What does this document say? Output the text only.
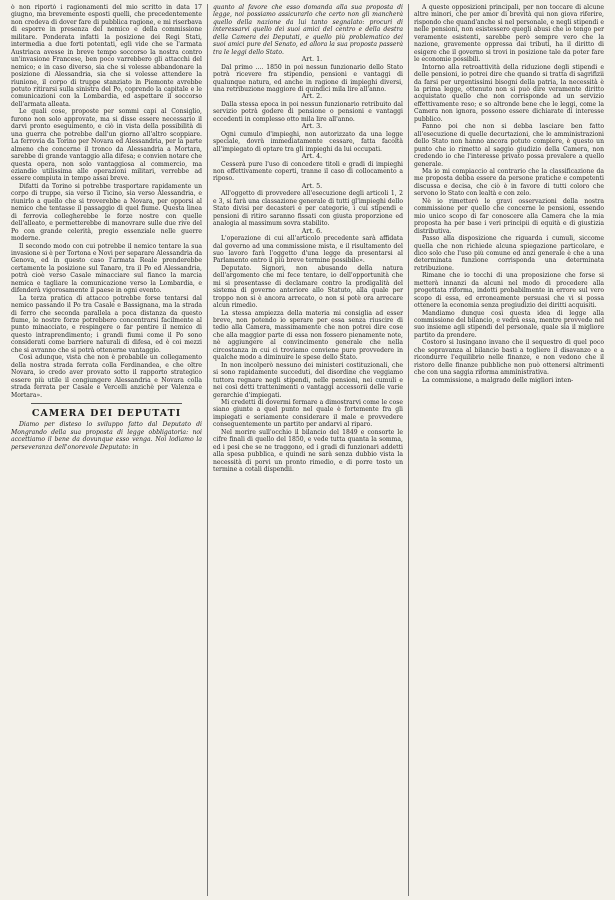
ò non riportò i ragionamenti del mio scritto in data 17 giugno, ma brevemente esposti quelli, che precedentemente non credeva di dover fare di pubblica ragione, e mi riserbava di esporre in presenza del nemico e della commissione militare. Ponderata infatti la posizione dei Regi Stati, intermedia a due forti potentati, egli vide che se l'armata Austriaca avesse in breve tempo soccorso la nostra contro un'invasione Francese, ben poco varrebbero gli attacchi del nemico; e in caso diverso, sia che si volesse abbandonare la posizione di Alessandria, sia che si volesse attendere la riunione, il corpo di truppe stanziato in Piemonte avrebbe potuto ritirarsi sulla sinistra del Po, coprendo la capitale e le comunicazioni con la Lombardia, ed aspettare il soccorso dell'armata alleata.

Le quali cose, proposte per sommi capi al Consiglio, furono non solo approvate, ma si disse essere necessario il darvi pronto eseguimento, e ciò in vista della possibilità di una guerra che potrebbe dall'un giorno all'altro scoppiare. La ferrovia da Torino per Novara ed Alessandria, per la parte almeno che concerne il tronco da Alessandria a Mortara, sarebbe di grande vantaggio alla difesa; e convien notare che questa opera, non solo vantaggiosa al commercio, ma eziandio utilissima alle operazioni militari, verrebbe ad essere compiuta in tempo assai breve.

Difatti da Torino si potrebbe trasportare rapidamente un corpo di truppe, sia verso il Ticino, sia verso Alessandria, e riunirlo a quello che si troverebbe a Novara, per opporsi al nemico che tentasse il passaggio di quel fiume. Questa linea di ferrovia collegherebbe le forze nostre con quelle dell'alleato, e permetterebbe di manovrare sulle due rive del Po con grande celerità, pregio essenziale nelle guerre moderne.

Il secondo modo con cui potrebbe il nemico tentare la sua invasione si è per Tortona e Novi per separare Alessandria da Genova, ed in questo caso l'armata Reale prenderebbe certamente la posizione sul Tanaro, tra il Po ed Alessandria, potrà cioè verso Casale minacciare sul fianco la marcia nemica e tagliare la comunicazione verso la Lombardia, e difenderà vigorosamente il paese in ogni evento.

La terza pratica di attacco potrebbe forse tentarsi dal nemico passando il Po tra Casale e Bassignana, ma la strada di ferro che seconda parallela a poca distanza da questo fiume, le nostre forze potrebbero concentrarsi facilmente al punto minacciato, e respingere o far pentire il nemico di questo intraprendimento; i grandi fiumi come il Po sono considerati come barriere naturali di difesa, ed è coi mezzi che si avranno che si potrà ottenerne vantaggio.

Così adunque, vista che non è probabile un collegamento della nostra strada ferrata colla Ferdinandea, e che oltre Novara, io credo aver provato sotto il rapporto strategico essere più utile il congiungere Alessandria e Novara colla strada ferrata per Casale e Vercelli anzichè per Valenza e Mortara».

CAMERA DEI DEPUTATI

Diamo per disteso lo sviluppo fatto dal Deputato di Mongrando della sua proposta di legge obbligatoria: noi accettiamo il bene da dovunque esso venga. Noi lodiamo la perseveranza dell'onorevole Deputato: in

quanto al favore che esso domanda alla sua proposta di legge, noi possiamo assicurarlo che certo non gli mancherà quello della nazione da lui tanto segnalato: procuri di interessarvi quello dei suoi amici del centro e della destra della Camera dei Deputati, e quello più problematico dei suoi amici pure del Senato, ed allora la sua proposta passerà tra le leggi dello Stato.

Art. 1.

Dal primo .... 1850 in poi nessun funzionario dello Stato potrà ricevere fra stipendio, pensioni e vantaggi di qualunque natura, ed anche in ragione di impieghi diversi, una retribuzione maggiore di quindici mila lire all'anno.

Art. 2.

Dalla stessa epoca in poi nessun funzionario retribuito dal servizio potrà godere di pensione o pensioni e vantaggi eccedenti in complesso otto mila lire all'anno.

Art. 3.

Ogni cumulo d'impieghi, non autorizzato da una legge speciale, dovrà immediatamente cessare, fatta facoltà all'impiegato di optare tra gli impieghi da lui occupati.

Art. 4.

Cesserà pure l'uso di concedere titoli e gradi di impieghi non effettivamente coperti, tranne il caso di collocamento a riposo.

Art. 5.

All'oggetto di provvedere all'esecuzione degli articoli 1, 2 e 3, si farà una classazione generale di tutti gl'impieghi dello Stato divisi per decasteri e per categorie, i cui stipendi e pensioni di ritiro saranno fissati con giusta proporzione ed analogia al massimum sovra stabilito.

Art. 6.

L'operazione di cui all'articolo precedente sarà affidata dal governo ad una commissione mista, e il risultamento del suo lavoro farà l'oggetto d'una legge da presentarsi al Parlamento entro il più breve termine possibile».

Deputato. Signori, non abusando della natura dell'argomento che mi fece tentare, io dell'opportunità che mi si presentasse di declamare contro la prodigalità del sistema di governo anteriore allo Statuto, alla quale per troppo non si è ancora arrecato, o non si potè ora arrecare alcun rimedio.

La stessa ampiezza della materia mi consiglia ad esser breve, non potendo io sperare per essa senza riuscire di tedio alla Camera, massimamente che non potrei dire cose che alla maggior parte di essa non fossero pienamente note, nè aggiungere al convincimento generale che nella circostanza in cui ci troviamo conviene pure provvedere in qualche modo a diminuire le spese dello Stato.

In non incolperò nessuno dei ministeri costituzionali, che si sono rapidamente succeduti, del disordine che veggiamo tuttora regnare negli stipendi, nelle pensioni, nei cumuli e nei così detti trattenimenti o vantaggi accessorii delle varie gerarchie d'impiegati.

Mi credetti di dovermi fermare a dimostrarvi come le cose siano giunte a quel punto nel quale è fortemente fra gli impiegati e seriamente considerare il male e provvedere conseguentemente un partito per andarvi al riparo.

Nel morire sull'occhio il bilancio del 1849 e consorte le cifre finali di quello del 1850, e vede tutta quanta la somma, ed i pesi che se ne traggono, ed i gradi di funzionari addetti alla spesa pubblica, e quindi ne sarà senza dubbio vista la necessità di porvi un pronto rimedio, e di porre tosto un termine a cotali dispendii.

A queste opposizioni principali, per non toccare di alcune altre minori, che per amor di brevità qui non giova riferire, rispondo che quand'anche sì nel personale, e negli stipendi e nelle pensioni, non esistessero quegli abusi che io tengo per veramente esistenti, sarebbe però sempre vero che la nazione, gravemente oppressa dai tributi, ha il diritto di esigere che il governo si trovi in posizione tale da poter fare le economie possibili.

Intorno alla retroattività della riduzione degli stipendi e delle pensioni, io potrei dire che quando si tratta di sagrifizii da farsi per urgentissimi bisogni della patria, la necessità è la prima legge, ottenuto non si può dire veramente diritto acquistato quello che non corrisponde ad un servizio effettivamente reso; e so altronde bene che le leggi, come la Camera non ignora, possono essere dichiarate di interesse pubblico.

Fanno poi che non si debba lasciare ben fatto all'esecuzione di quelle decurtazioni, che le amministrazioni dello Stato non hanno ancora potuto compiere, è questo un punto che io rimetto al saggio giudizio della Camera, non credendo io che l'interesse privato possa prevalere a quello generale.

Ma io mi compiaccio al contrario che la classificazione da me proposta debba essere da persone pratiche e competenti discussa e decisa, che ciò è in favore di tutti coloro che servono lo Stato con lealtà e con zelo.

Nè io rimetterò le gravi osservazioni della nostra commissione per quello che concerne le pensioni, essendo mio unico scopo di far conoscere alla Camera che la mia proposta ha per base i veri principii di equità e di giustizia distributiva.

Passo alla disposizione che riguarda i cumuli, siccome quella che non richiede alcuna spiegazione particolare, e dico solo che l'uso più comune ed anzi generale è che a una determinata funzione corrisponda una determinata retribuzione.

Rimane che io tocchi di una proposizione che forse si metterà innanzi da alcuni nel modo di procedere alla progettata riforma, indotti probabilmente in errore sul vero scopo di essa, ed erroneamente persuasi che vi si possa ottenere la economia senza pregiudizio dei diritti acquisiti.

Mandiamo dunque così questa idea di legge alla commissione del bilancio, e vedrà essa, mentre provvede nel suo insieme agli stipendi del personale, quale sia il migliore partito da prendere.

Costoro si lusingano invano che il sequestro di quel poco che sopravanza al bilancio basti a togliere il disavanzo e a ricondurre l'equilibrio nelle finanze, e non vedono che il ristoro delle finanze pubbliche non può ottenersi altrimenti che con una saggia riforma amministrativa.

La commissione, a malgrado delle migliori inten-
